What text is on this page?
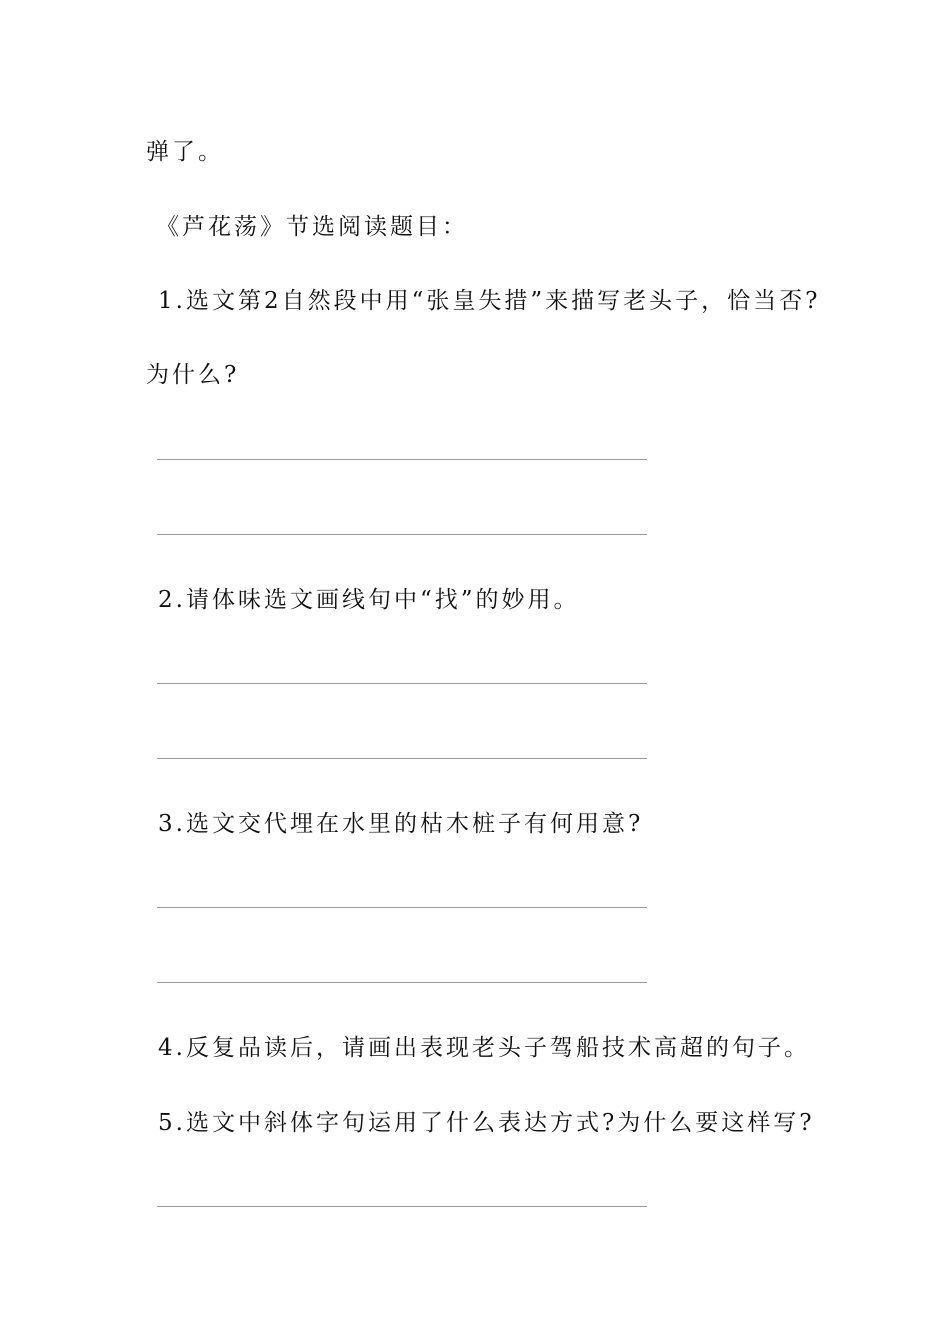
弹了。
《芦花荡》节选阅读题目：
1.选文第2自然段中用“张皇失措”来描写老头子，恰当否?
为什么?
2.请体味选文画线句中“找”的妙用。
3.选文交代埋在水里的枯木桩子有何用意?
4.反复品读后，请画出表现老头子驾船技术高超的句子。
5.选文中斜体字句运用了什么表达方式?为什么要这样写?
